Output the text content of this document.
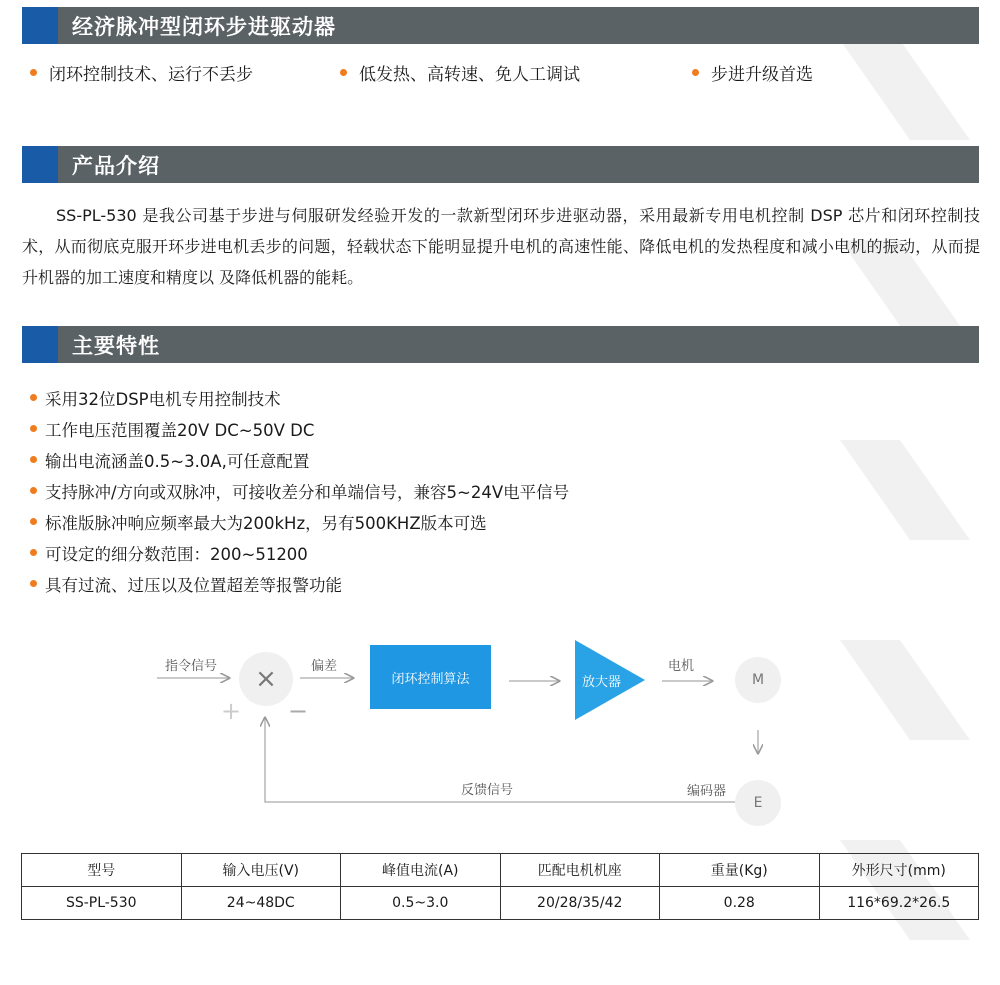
经济脉冲型闭环步进驱动器
闭环控制技术、运行不丢步	低发热、高转速、免人工调试	步进升级首选
产品介绍

SS-PL-530 是我公司基于步进与伺服研发经验开发的一款新型闭环步进驱动器，采用最新专用电机控制 DSP 芯片和闭环控制技术，从而彻底克服开环步进电机丢步的问题，轻载状态下能明显提升电机的高速性能、降低电机的发热程度和减小电机的振动，从而提升机器的加工速度和精度以 及降低机器的能耗。

主要特性
采用32位DSP电机专用控制技术
工作电压范围覆盖20V DC~50V DC
输出电流涵盖0.5~3.0A,可任意配置
支持脉冲/方向或双脉冲，可接收差分和单端信号，兼容5~24V电平信号
标准版脉冲响应频率最大为200kHz，另有500KHZ版本可选
可设定的细分数范围：200~51200
具有过流、过压以及位置超差等报警功能
指令信号 ×
+ −
偏差
闭环控制算法	放大器
电机
M
编码器
E
反馈信号
型号	输入电压(V)	峰值电流(A)	匹配电机机座	重量(Kg)	外形尺寸(mm)
SS-PL-530	24~48DC	0.5~3.0	20/28/35/42	0.28	116*69.2*26.5
